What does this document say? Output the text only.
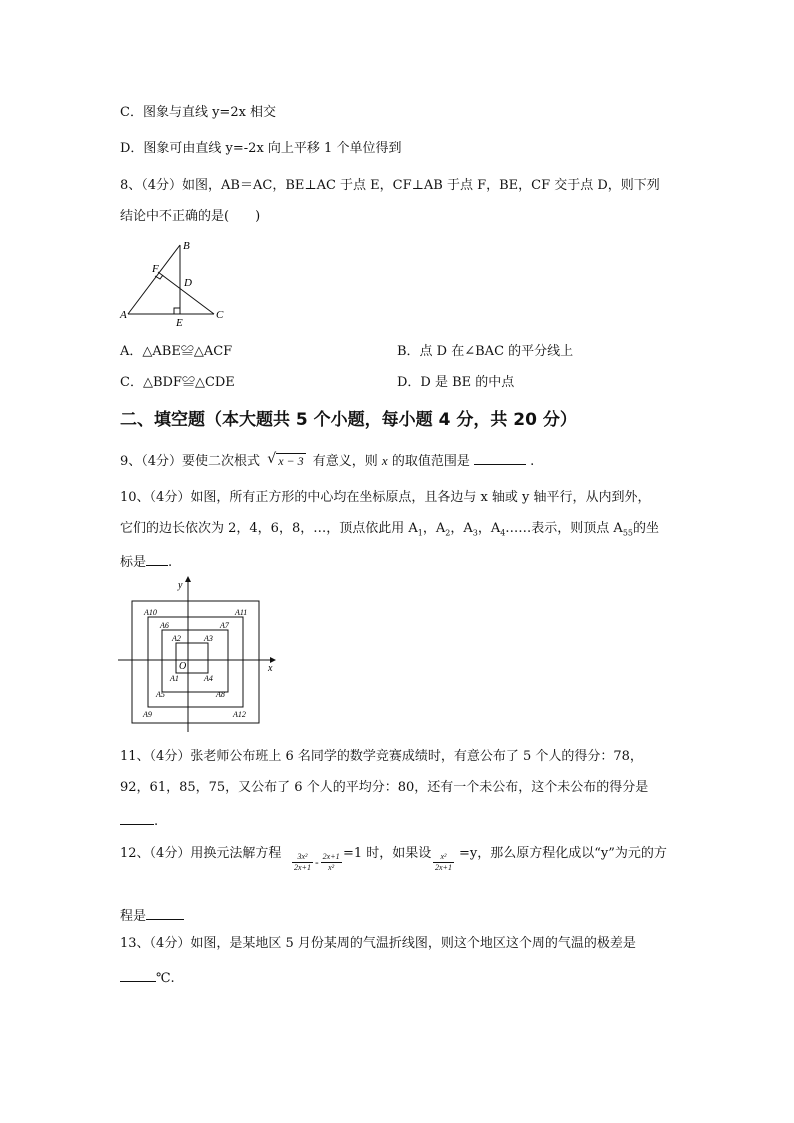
C．图象与直线 y=2x 相交
D．图象可由直线 y=-2x 向上平移 1 个单位得到
8、（4分）如图，AB＝AC，BE⊥AC 于点 E，CF⊥AB 于点 F，BE，CF 交于点 D，则下列
结论中不正确的是(　　)
B
F
D
A	C
E
A．△ABE≌△ACF	B．点 D 在∠BAC 的平分线上
C．△BDF≌△CDE	D．D 是 BE 的中点
二、填空题（本大题共 5 个小题，每小题 4 分，共 20 分）
9、（4分）要使二次根式 √ x − 3 有意义，则 x 的取值范围是	.
10、（4分）如图，所有正方形的中心均在坐标原点，且各边与 x 轴或 y 轴平行，从内到外，
它们的边长依次为 2，4，6，8，…，顶点依此用 $A_1$，$A_2$，$A_3$，$A_4\dots\dots$表示，则顶点 $A_{55}$的坐
标是 .
x
y
O
A10	A11
A6	A7
A2	A3
A1	A4
A5	A8
A9	A12
11、（4分）张老师公布班上 6 名同学的数学竞赛成绩时，有意公布了 5 个人的得分：78，
92，61，85，75，又公布了 6 个人的平均分：80，还有一个未公布，这个未公布的得分是
.
12、（4分）用换元法解方程 $\frac{\text{3x²}}{2x+1} - \frac{2x+1}{\text{x²}} =1$ 时，如果设 $\frac{\text{x²}}{2x+1} =y$，那么原方程化成以“y”为元的方
程是
13、（4分）如图，是某地区 5 月份某周的气温折线图，则这个地区这个周的气温的极差是
℃.
